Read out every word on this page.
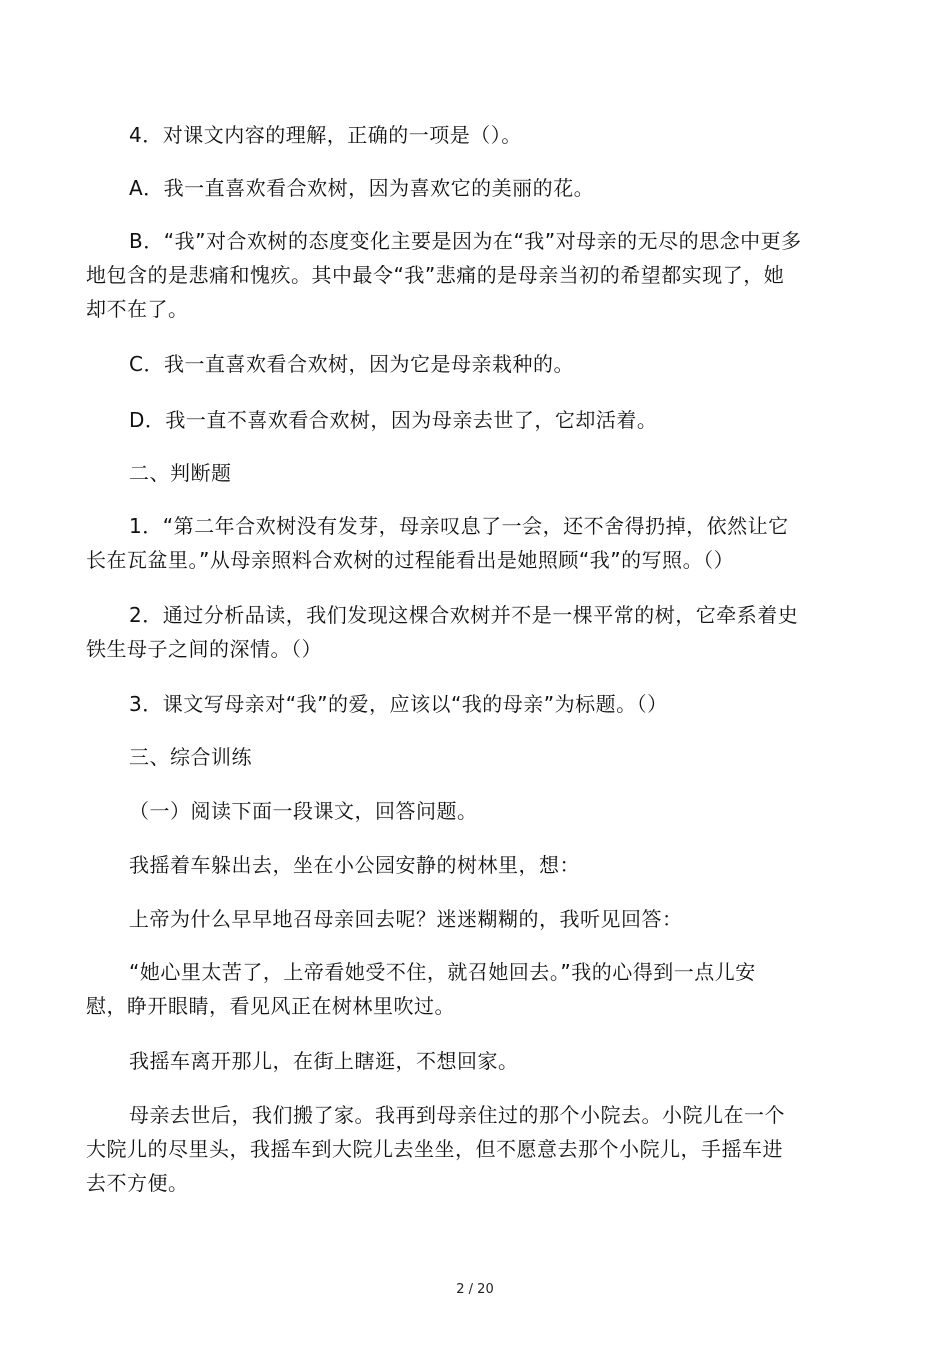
4．对课文内容的理解，正确的一项是（）。

A．我一直喜欢看合欢树，因为喜欢它的美丽的花。

B．“我”对合欢树的态度变化主要是因为在“我”对母亲的无尽的思念中更多

地包含的是悲痛和愧疚。其中最令“我”悲痛的是母亲当初的希望都实现了，她

却不在了。

C．我一直喜欢看合欢树，因为它是母亲栽种的。

D．我一直不喜欢看合欢树，因为母亲去世了，它却活着。

二、判断题

1．“第二年合欢树没有发芽，母亲叹息了一会，还不舍得扔掉，依然让它

长在瓦盆里。”从母亲照料合欢树的过程能看出是她照顾“我”的写照。（）

2．通过分析品读，我们发现这棵合欢树并不是一棵平常的树，它牵系着史

铁生母子之间的深情。（）

3．课文写母亲对“我”的爱，应该以“我的母亲”为标题。（）

三、综合训练

（一）阅读下面一段课文，回答问题。

我摇着车躲出去，坐在小公园安静的树林里，想：

上帝为什么早早地召母亲回去呢？迷迷糊糊的，我听见回答：

“她心里太苦了，上帝看她受不住，就召她回去。”我的心得到一点儿安

慰，睁开眼睛，看见风正在树林里吹过。

我摇车离开那儿，在街上瞎逛，不想回家。

母亲去世后，我们搬了家。我再到母亲住过的那个小院去。小院儿在一个

大院儿的尽里头，我摇车到大院儿去坐坐，但不愿意去那个小院儿，手摇车进

去不方便。

2 / 20
